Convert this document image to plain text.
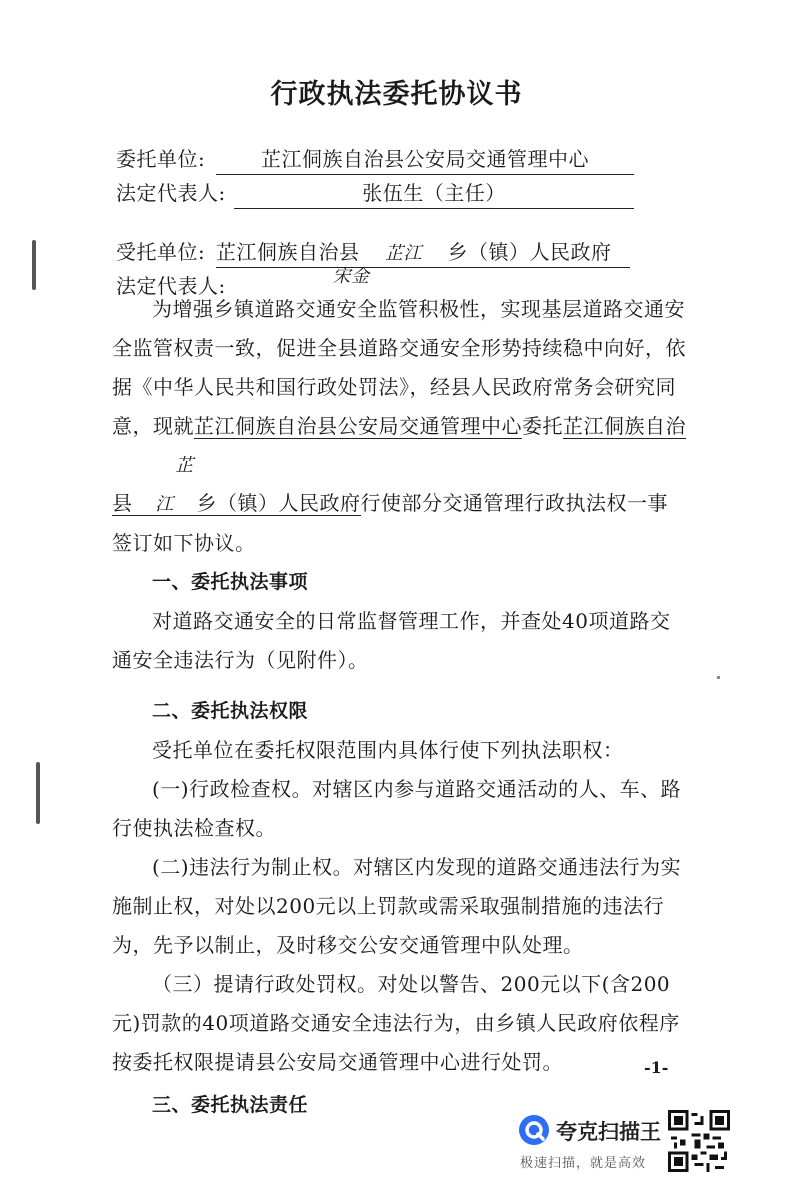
行政执法委托协议书
委托单位:	芷江侗族自治县公安局交通管理中心
法定代表人:	张伍生（主任）
受托单位: 芷江侗族自治县 芷江 乡（镇）人民政府
法定代表人:	宋金

为增强乡镇道路交通安全监管积极性，实现基层道路交通安全监管权责一致，促进全县道路交通安全形势持续稳中向好，依据《中华人民共和国行政处罚法》，经县人民政府常务会研究同意，现就芷江侗族自治县公安局交通管理中心委托芷江侗族自治县芷江 乡（镇）人民政府行使部分交通管理行政执法权一事签订如下协议。

一、委托执法事项

对道路交通安全的日常监督管理工作，并查处40项道路交通安全违法行为（见附件）。

二、委托执法权限

受托单位在委托权限范围内具体行使下列执法职权：

(一)行政检查权。对辖区内参与道路交通活动的人、车、路行使执法检查权。

(二)违法行为制止权。对辖区内发现的道路交通违法行为实施制止权，对处以200元以上罚款或需采取强制措施的违法行为，先予以制止，及时移交公安交通管理中队处理。

（三）提请行政处罚权。对处以警告、200元以下(含200元)罚款的40项道路交通安全违法行为，由乡镇人民政府依程序按委托权限提请县公安局交通管理中心进行处罚。

三、委托执法责任

-1-
夸克扫描王
极速扫描，就是高效
